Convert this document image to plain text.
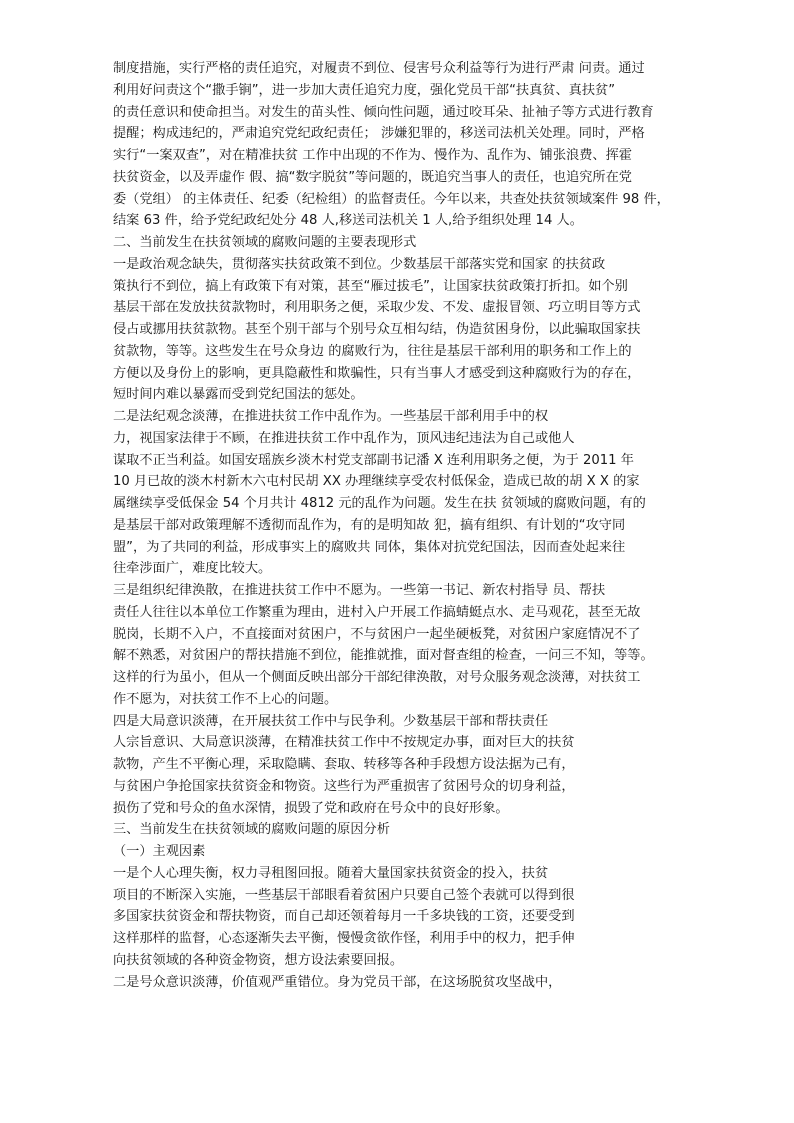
制度措施，实行严格的责任追究，对履责不到位、侵害号众利益等行为进行严肃 问责。通过
利用好问责这个“撒手锏”，进一步加大责任追究力度，强化党员干部“扶真贫、真扶贫”
的责任意识和使命担当。对发生的苗头性、倾向性问题，通过咬耳朵、扯袖子等方式进行教育
提醒；构成违纪的，严肃追究党纪政纪责任； 涉嫌犯罪的，移送司法机关处理。同时，严格
实行“一案双查”，对在精准扶贫 工作中出现的不作为、慢作为、乱作为、铺张浪费、挥霍
扶贫资金，以及弄虚作 假、搞“数字脱贫”等问题的，既追究当事人的责任，也追究所在党
委（党组） 的主体责任、纪委（纪检组）的监督责任。今年以来，共查处扶贫领域案件 98 件，
结案 63 件，给予党纪政纪处分 48 人,移送司法机关 1 人,给予组织处理 14 人。
二、当前发生在扶贫领域的腐败问题的主要表现形式
一是政治观念缺失，贯彻落实扶贫政策不到位。少数基层干部落实党和国家 的扶贫政
策执行不到位，搞上有政策下有对策，甚至“雁过拔毛”，让国家扶贫政策打折扣。如个别
基层干部在发放扶贫款物时，利用职务之便，采取少发、不发、虚报冒领、巧立明目等方式
侵占或挪用扶贫款物。甚至个别干部与个别号众互相勾结，伪造贫困身份，以此骗取国家扶
贫款物，等等。这些发生在号众身边 的腐败行为，往往是基层干部利用的职务和工作上的
方便以及身份上的影响，更具隐蔽性和欺骗性，只有当事人才感受到这种腐败行为的存在，
短时间内难以暴露而受到党纪国法的惩处。
二是法纪观念淡薄，在推进扶贫工作中乱作为。一些基层干部利用手中的权
力，视国家法律于不顾，在推进扶贫工作中乱作为，顶风违纪违法为自己或他人
谋取不正当利益。如国安瑶族乡淡木村党支部副书记潘 X 连利用职务之便，为于 2011 年
10 月已故的淡木村新木六屯村民胡 XX 办理继续享受农村低保金，造成已故的胡 X X 的家
属继续享受低保金 54 个月共计 4812 元的乱作为问题。发生在扶 贫领域的腐败问题，有的
是基层干部对政策理解不透彻而乱作为，有的是明知故 犯，搞有组织、有计划的“攻守同
盟”，为了共同的利益，形成事实上的腐败共 同体，集体对抗党纪国法，因而查处起来往
往牵涉面广，难度比较大。
三是组织纪律涣散，在推进扶贫工作中不愿为。一些第一书记、新农村指导 员、帮扶
责任人往往以本单位工作繁重为理由，进村入户开展工作搞蜻蜓点水、走马观花，甚至无故
脱岗，长期不入户，不直接面对贫困户，不与贫困户一起坐硬板凳，对贫困户家庭情况不了
解不熟悉，对贫困户的帮扶措施不到位，能推就推，面对督查组的检查，一问三不知，等等。
这样的行为虽小，但从一个侧面反映出部分干部纪律涣散，对号众服务观念淡薄，对扶贫工
作不愿为，对扶贫工作不上心的问题。
四是大局意识淡薄，在开展扶贫工作中与民争利。少数基层干部和帮扶责任
人宗旨意识、大局意识淡薄，在精准扶贫工作中不按规定办事，面对巨大的扶贫
款物，产生不平衡心理，采取隐瞒、套取、转移等各种手段想方设法据为己有，
与贫困户争抢国家扶贫资金和物资。这些行为严重损害了贫困号众的切身利益，
损伤了党和号众的鱼水深情，损毁了党和政府在号众中的良好形象。
三、当前发生在扶贫领域的腐败问题的原因分析
（一）主观因素
一是个人心理失衡，权力寻租图回报。随着大量国家扶贫资金的投入，扶贫
项目的不断深入实施，一些基层干部眼看着贫困户只要自己签个表就可以得到很
多国家扶贫资金和帮扶物资，而自己却还领着每月一千多块钱的工资，还要受到
这样那样的监督，心态逐渐失去平衡，慢慢贪欲作怪，利用手中的权力，把手伸
向扶贫领域的各种资金物资，想方设法索要回报。
二是号众意识淡薄，价值观严重错位。身为党员干部，在这场脱贫攻坚战中，
